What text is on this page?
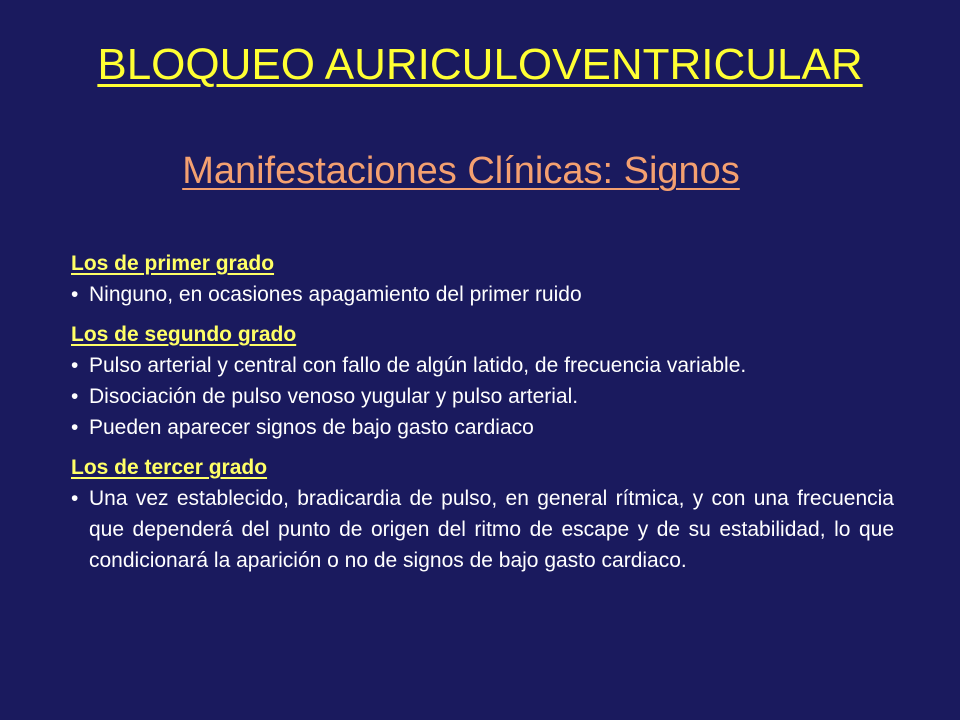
BLOQUEO AURICULOVENTRICULAR
Manifestaciones Clínicas: Signos
Los de primer grado
• Ninguno, en ocasiones apagamiento del primer ruido
Los de segundo grado
• Pulso arterial y central con fallo de algún latido, de frecuencia variable.
• Disociación de pulso venoso yugular y pulso arterial.
• Pueden aparecer signos de bajo gasto cardiaco
Los de tercer grado
• Una vez establecido, bradicardia de pulso, en general rítmica, y con una frecuencia que dependerá del punto de origen del ritmo de escape y de su estabilidad, lo que condicionará la aparición o no de signos de bajo gasto cardiaco.
